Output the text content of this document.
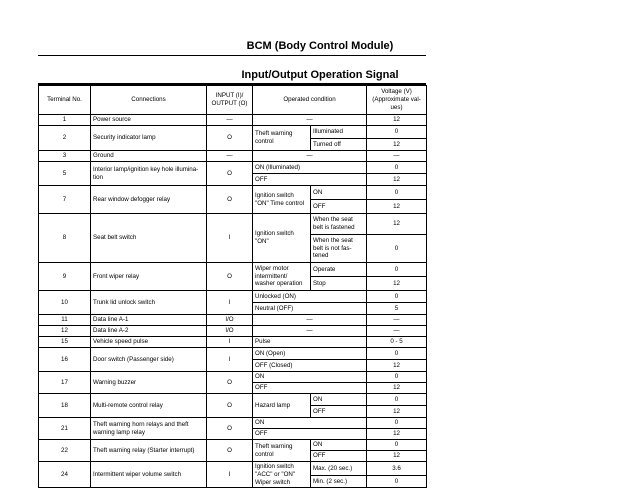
BCM (Body Control Module)
Input/Output Operation Signal
Terminal No.	Connections	INPUT (I)/ OUTPUT (O)	Operated condition		Voltage (V) (Approximate val-ues)
1	Power source	—	—		12
2	Security indicator lamp	O	Theft warning control	Illuminated	0
				Turned off	12
3	Ground	—	—		—
5	Interior lamp/ignition key hole illumina-tion	O	ON (Illuminated)		0
			OFF		12
7	Rear window defogger relay	O	Ignition switch "ON" Time control	ON	0
				OFF	12
8	Seat belt switch	I	Ignition switch "ON"	When the seat belt is fastened	12
				When the seat belt is not fas-tened	0
9	Front wiper relay	O	Wiper motor intermittent/ washer operation	Operate	0
				Stop	12
10	Trunk lid unlock switch	I	Unlocked (ON)		0
			Neutral (OFF)		5
11	Data line A-1	I/O	—		—
12	Data line A-2	I/O	—		—
15	Vehicle speed pulse	I	Pulse		0 - 5
16	Door switch (Passenger side)	I	ON (Open)		0
			OFF (Closed)		12
17	Warning buzzer	O	ON		0
			OFF		12
18	Multi-remote control relay	O	Hazard lamp	ON	0
				OFF	12
21	Theft warning horn relays and theft warning lamp relay	O	ON		0
			OFF		12
22	Theft warning relay (Starter interrupt)	O	Theft warning control	ON	0
				OFF	12
24	Intermittent wiper volume switch	I	Ignition switch "ACC" or "ON" Wiper switch	Max. (20 sec.)	3.6
				Min. (2 sec.)	0
